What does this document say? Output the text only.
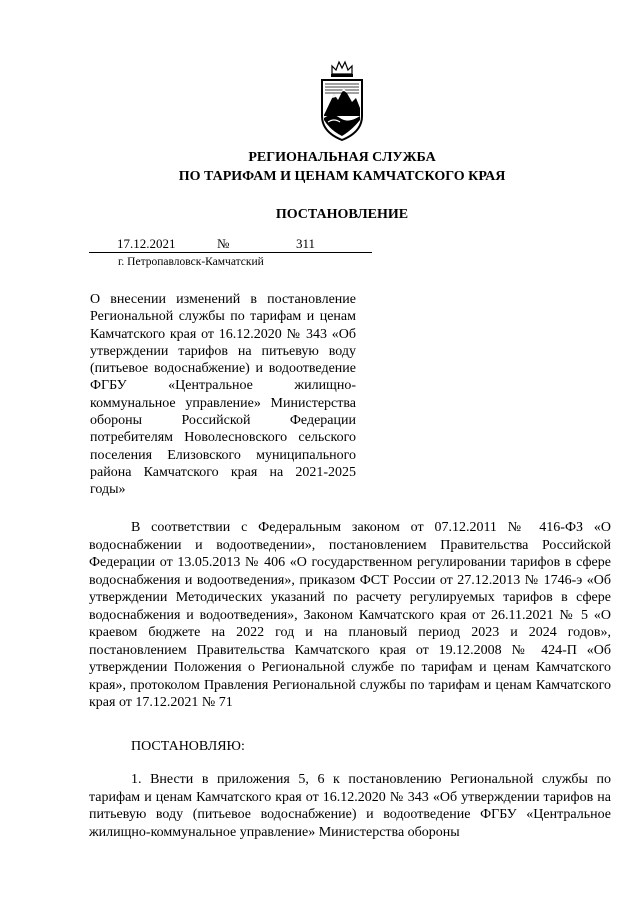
РЕГИОНАЛЬНАЯ СЛУЖБА
ПО ТАРИФАМ И ЦЕНАМ КАМЧАТСКОГО КРАЯ
ПОСТАНОВЛЕНИЕ
17.12.2021	№	311
г. Петропавловск-Камчатский
О внесении изменений в постановление Региональной службы по тарифам и ценам Камчатского края от 16.12.2020 № 343 «Об утверждении тарифов на питьевую воду (питьевое водоснабжение) и водоотведение ФГБУ «Центральное жилищно-коммунальное управление» Министерства обороны Российской Федерации потребителям Новолесновского сельского поселения Елизовского муниципального района Камчатского края на 2021-2025 годы»

В соответствии с Федеральным законом от 07.12.2011 № 416-ФЗ «О водоснабжении и водоотведении», постановлением Правительства Российской Федерации от 13.05.2013 № 406 «О государственном регулировании тарифов в сфере водоснабжения и водоотведения», приказом ФСТ России от 27.12.2013 № 1746-э «Об утверждении Методических указаний по расчету регулируемых тарифов в сфере водоснабжения и водоотведения», Законом Камчатского края от 26.11.2021 № 5 «О краевом бюджете на 2022 год и на плановый период 2023 и 2024 годов», постановлением Правительства Камчатского края от 19.12.2008 № 424-П «Об утверждении Положения о Региональной службе по тарифам и ценам Камчатского края», протоколом Правления Региональной службы по тарифам и ценам Камчатского края от 17.12.2021 № 71

ПОСТАНОВЛЯЮ:

1. Внести в приложения 5, 6 к постановлению Региональной службы по тарифам и ценам Камчатского края от 16.12.2020 № 343 «Об утверждении тарифов на питьевую воду (питьевое водоснабжение) и водоотведение ФГБУ «Центральное жилищно-коммунальное управление» Министерства обороны
